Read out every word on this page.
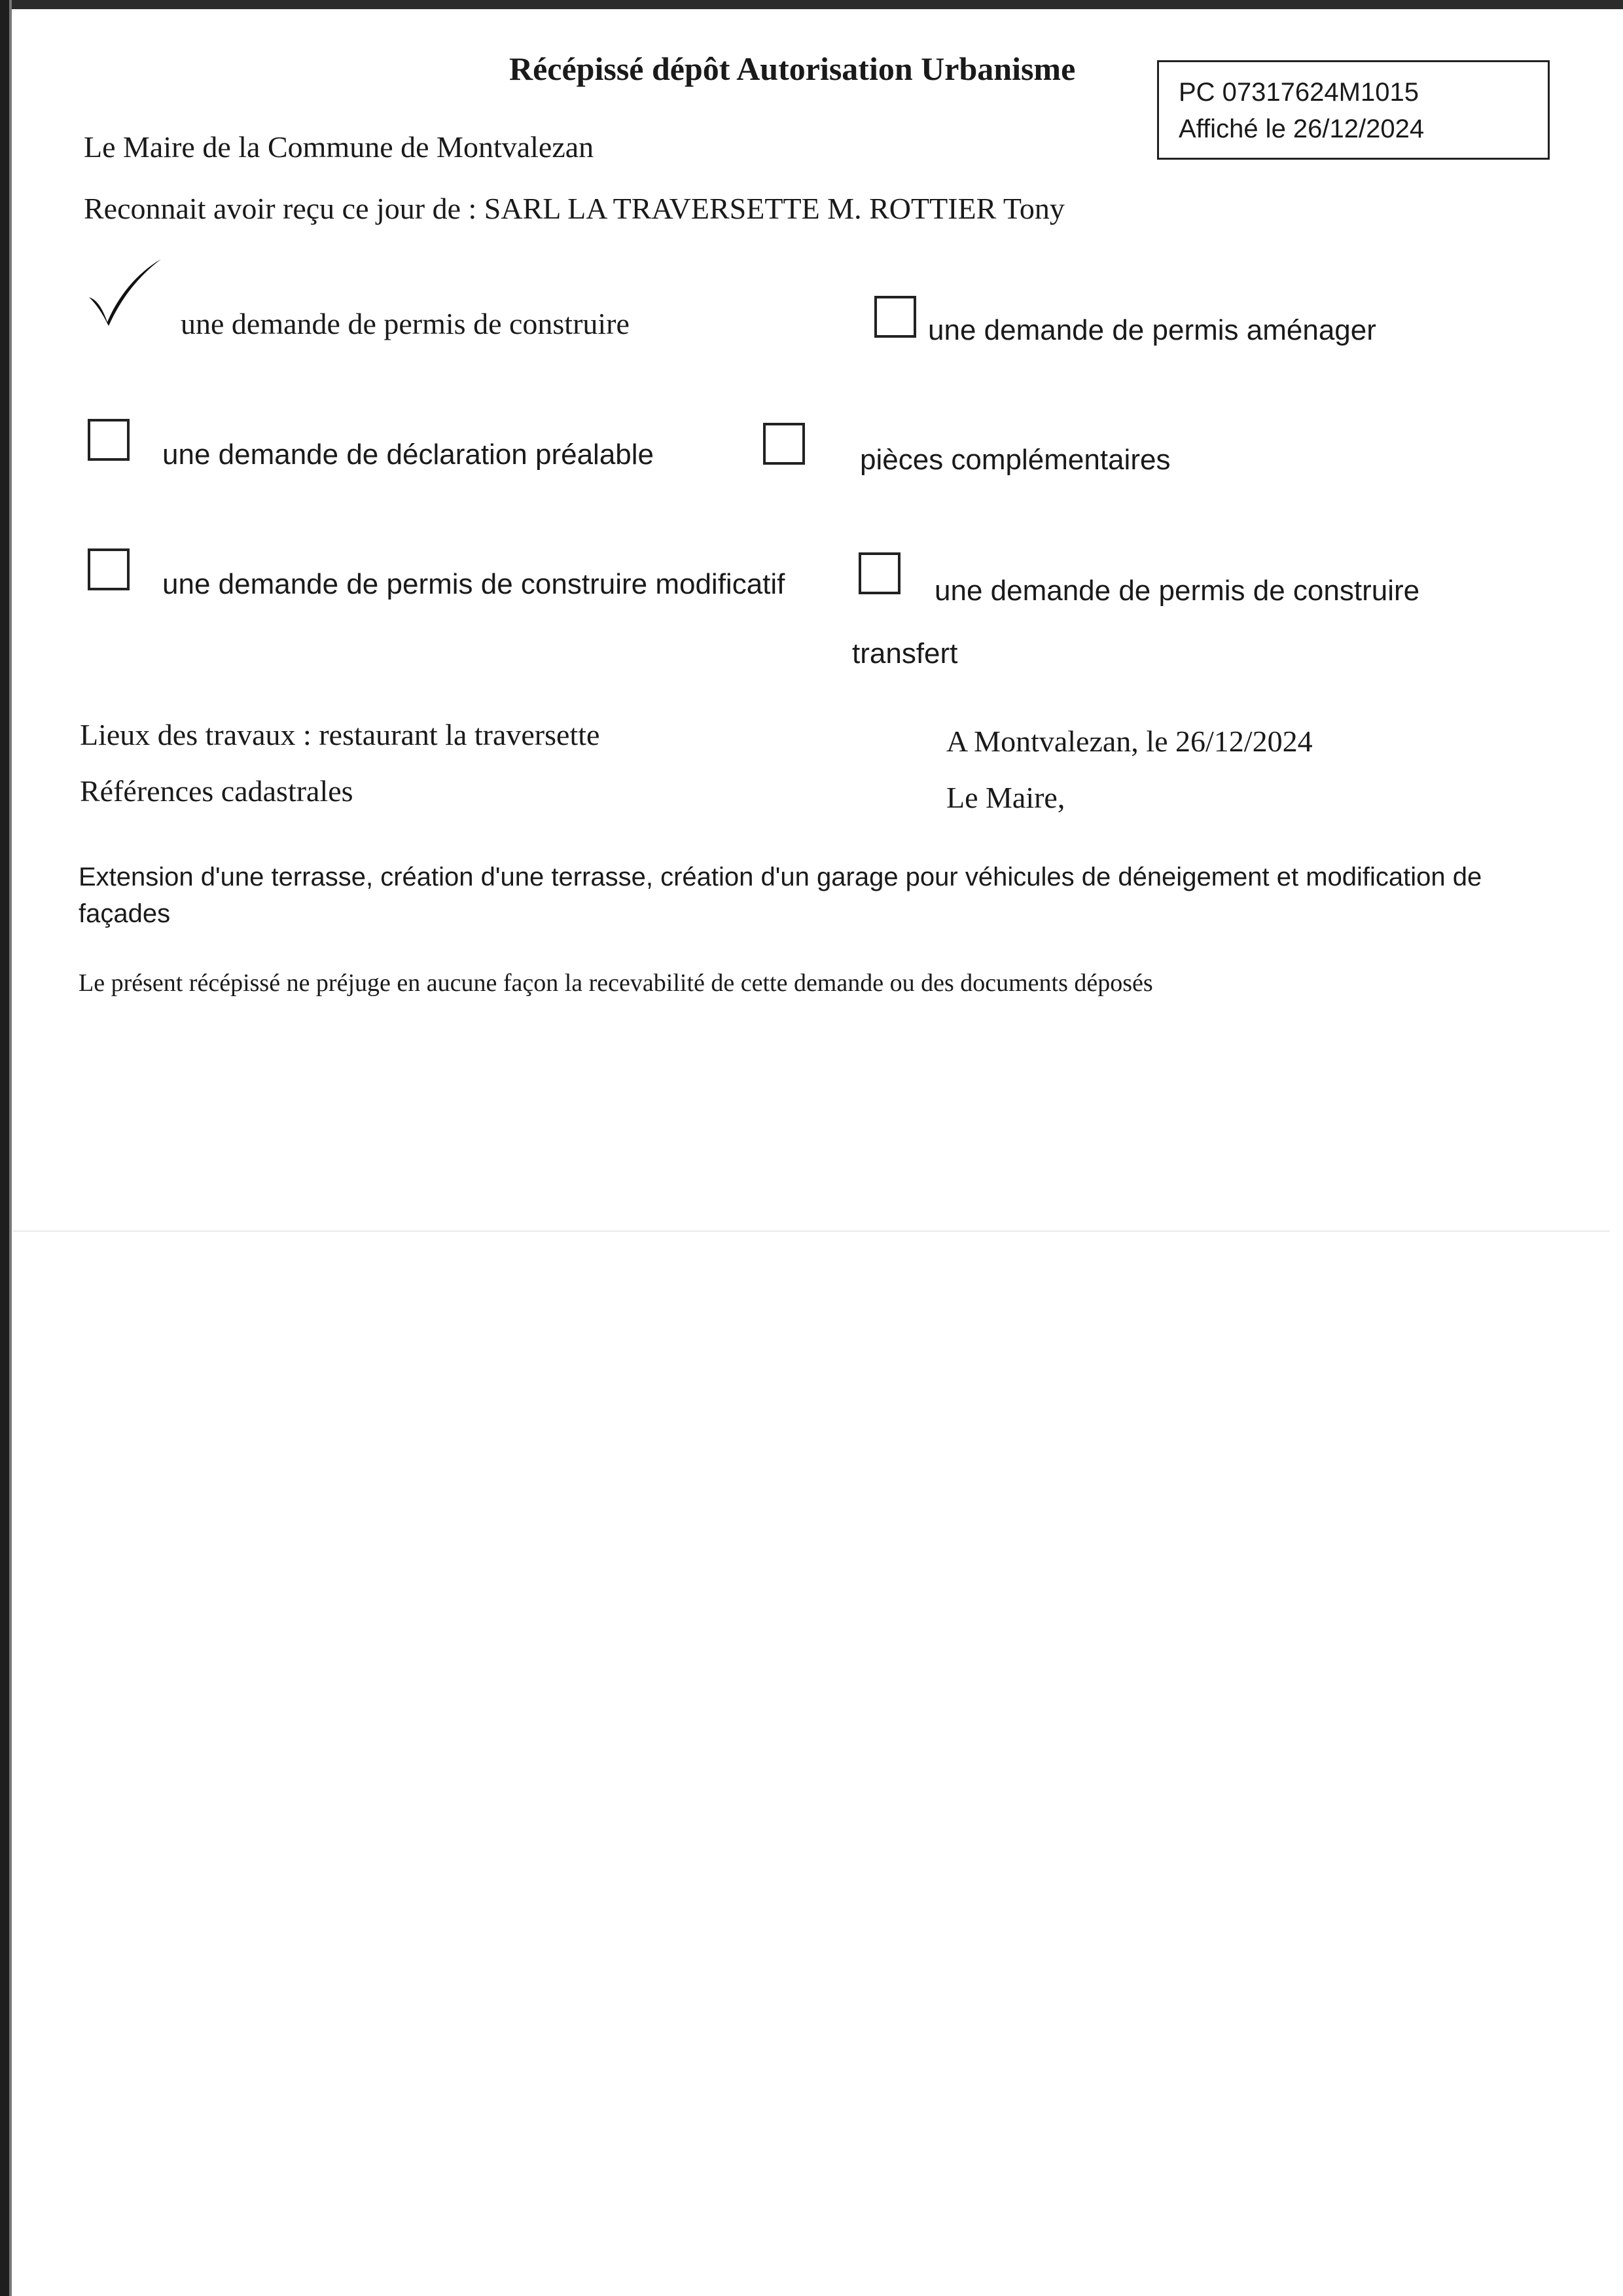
Récépissé dépôt Autorisation Urbanisme
PC 07317624M1015
Affiché le 26/12/2024
Le Maire de la Commune de Montvalezan
Reconnait avoir reçu ce jour de : SARL LA TRAVERSETTE M. ROTTIER Tony
une demande de permis de construire	une demande de permis aménager
une demande de déclaration préalable	pièces complémentaires
une demande de permis de construire modificatif	une demande de permis de construire
transfert
Lieux des travaux : restaurant la traversette
Références cadastrales
A Montvalezan, le 26/12/2024
Le Maire,
Extension d'une terrasse, création d'une terrasse, création d'un garage pour véhicules de déneigement et modification de façades
Le présent récépissé ne préjuge en aucune façon la recevabilité de cette demande ou des documents déposés
